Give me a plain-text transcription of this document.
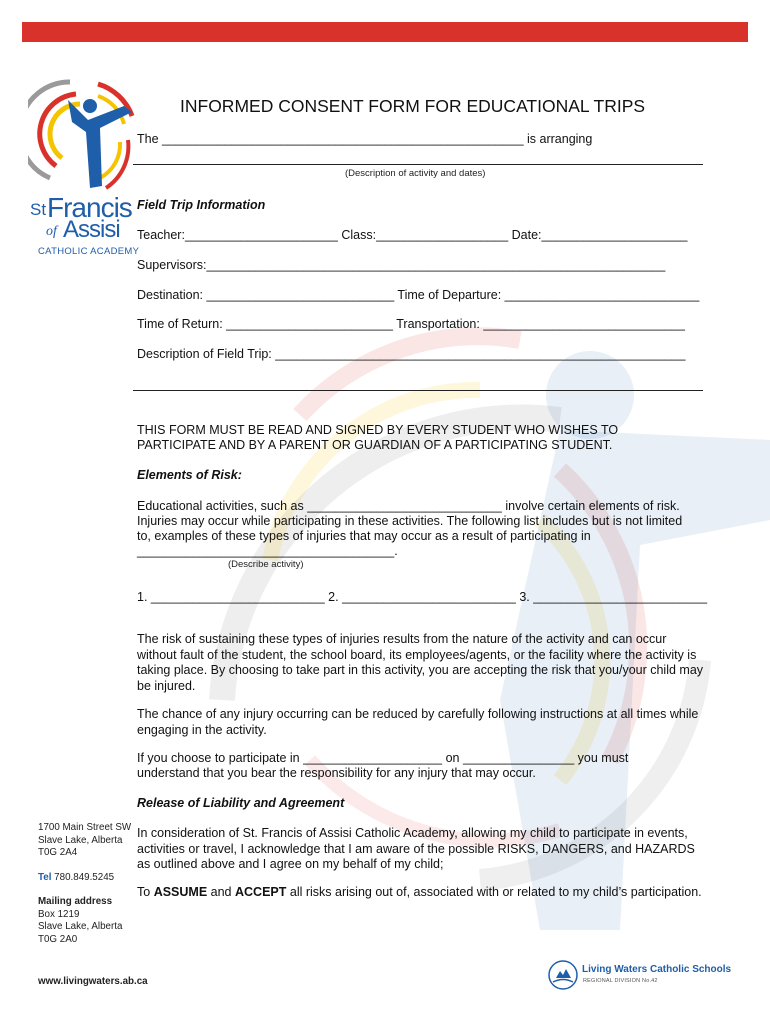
St Francis
of Assisi
CATHOLIC ACADEMY
INFORMED CONSENT FORM FOR EDUCATIONAL TRIPS
The ____________________________________________________ is arranging
(Description of activity and dates)
Field Trip Information
Teacher:______________________ Class:___________________ Date:_____________________
Supervisors:__________________________________________________________________
Destination: ___________________________ Time of Departure: ____________________________
Time of Return: ________________________ Transportation: _____________________________
Description of Field Trip: ___________________________________________________________
THIS FORM MUST BE READ AND SIGNED BY EVERY STUDENT WHO WISHES TO
PARTICIPATE AND BY A PARENT OR GUARDIAN OF A PARTICIPATING STUDENT.
Elements of Risk:
Educational activities, such as ____________________________ involve certain elements of risk.
Injuries may occur while participating in these activities. The following list includes but is not limited
to, examples of these types of injuries that may occur as a result of participating in
_____________________________________.
(Describe activity)
1. _________________________ 2. _________________________ 3. _________________________
The risk of sustaining these types of injuries results from the nature of the activity and can occur without fault of the student, the school board, its employees/agents, or the facility where the activity is taking place. By choosing to take part in this activity, you are accepting the risk that you/your child may be injured.
The chance of any injury occurring can be reduced by carefully following instructions at all times while engaging in the activity.
If you choose to participate in ____________________ on ________________ you must
understand that you bear the responsibility for any injury that may occur.
Release of Liability and Agreement
In consideration of St. Francis of Assisi Catholic Academy, allowing my child to participate in events, activities or travel, I acknowledge that I am aware of the possible RISKS, DANGERS, and HAZARDS as outlined above and I agree on my behalf of my child;
To ASSUME and ACCEPT all risks arising out of, associated with or related to my child’s participation.
1700 Main Street SW
Slave Lake, Alberta
T0G 2A4
Tel 780.849.5245
Mailing address
Box 1219
Slave Lake, Alberta
T0G 2A0
www.livingwaters.ab.ca
Living Waters Catholic Schools
REGIONAL DIVISION No.42
